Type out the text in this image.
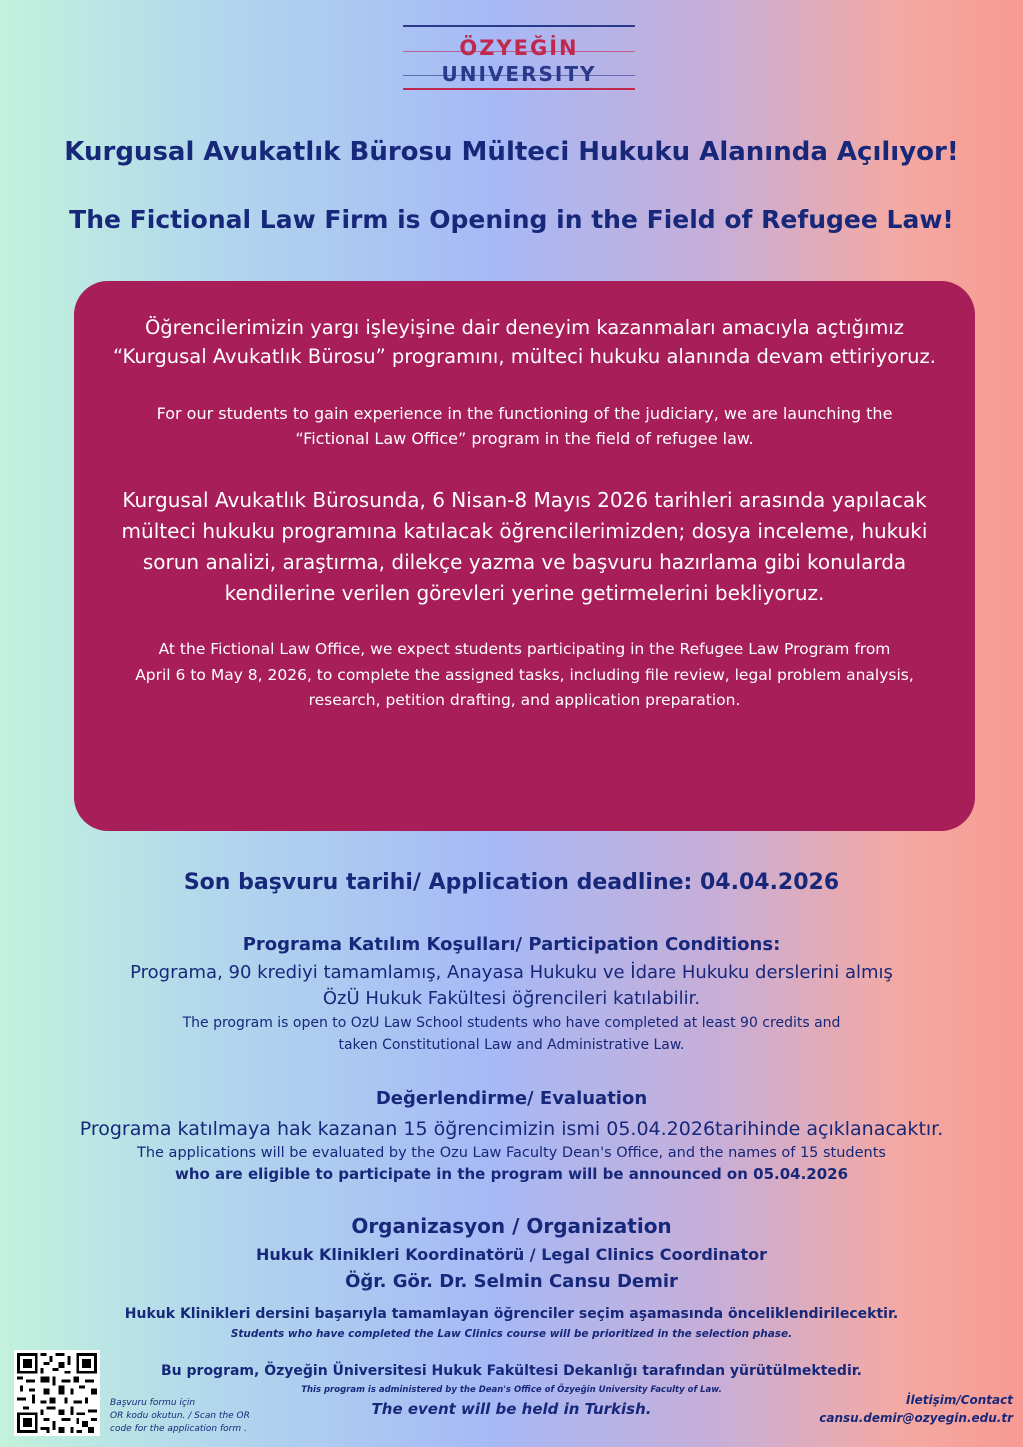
ÖZYEĞİN
UNIVERSITY
Kurgusal Avukatlık Bürosu Mülteci Hukuku Alanında Açılıyor!
The Fictional Law Firm is Opening in the Field of Refugee Law!

Öğrencilerimizin yargı işleyişine dair deneyim kazanmaları amacıyla açtığımız
“Kurgusal Avukatlık Bürosu” programını, mülteci hukuku alanında devam ettiriyoruz.

For our students to gain experience in the functioning of the judiciary, we are launching the
“Fictional Law Office” program in the field of refugee law.

Kurgusal Avukatlık Bürosunda, 6 Nisan-8 Mayıs 2026 tarihleri arasında yapılacak
mülteci hukuku programına katılacak öğrencilerimizden; dosya inceleme, hukuki
sorun analizi, araştırma, dilekçe yazma ve başvuru hazırlama gibi konularda
kendilerine verilen görevleri yerine getirmelerini bekliyoruz.

At the Fictional Law Office, we expect students participating in the Refugee Law Program from
April 6 to May 8, 2026, to complete the assigned tasks, including file review, legal problem analysis,
research, petition drafting, and application preparation.

Son başvuru tarihi/ Application deadline: 04.04.2026
Programa Katılım Koşulları/ Participation Conditions:
Programa, 90 krediyi tamamlamış, Anayasa Hukuku ve İdare Hukuku derslerini almış
ÖzÜ Hukuk Fakültesi öğrencileri katılabilir.
The program is open to OzU Law School students who have completed at least 90 credits and
taken Constitutional Law and Administrative Law.
Değerlendirme/ Evaluation
Programa katılmaya hak kazanan 15 öğrencimizin ismi 05.04.2026tarihinde açıklanacaktır.
The applications will be evaluated by the Ozu Law Faculty Dean's Office, and the names of 15 students
who are eligible to participate in the program will be announced on 05.04.2026
Organizasyon / Organization
Hukuk Klinikleri Koordinatörü / Legal Clinics Coordinator
Öğr. Gör. Dr. Selmin Cansu Demir
Hukuk Klinikleri dersini başarıyla tamamlayan öğrenciler seçim aşamasında önceliklendirilecektir.
Students who have completed the Law Clinics course will be prioritized in the selection phase.
Bu program, Özyeğin Üniversitesi Hukuk Fakültesi Dekanlığı tarafından yürütülmektedir.
This program is administered by the Dean's Office of Özyeğin University Faculty of Law.
The event will be held in Turkish.
Başvuru formu için
OR kodu okutun. / Scan the OR
code for the application form .
İletişim/Contact
cansu.demir@ozyegin.edu.tr
